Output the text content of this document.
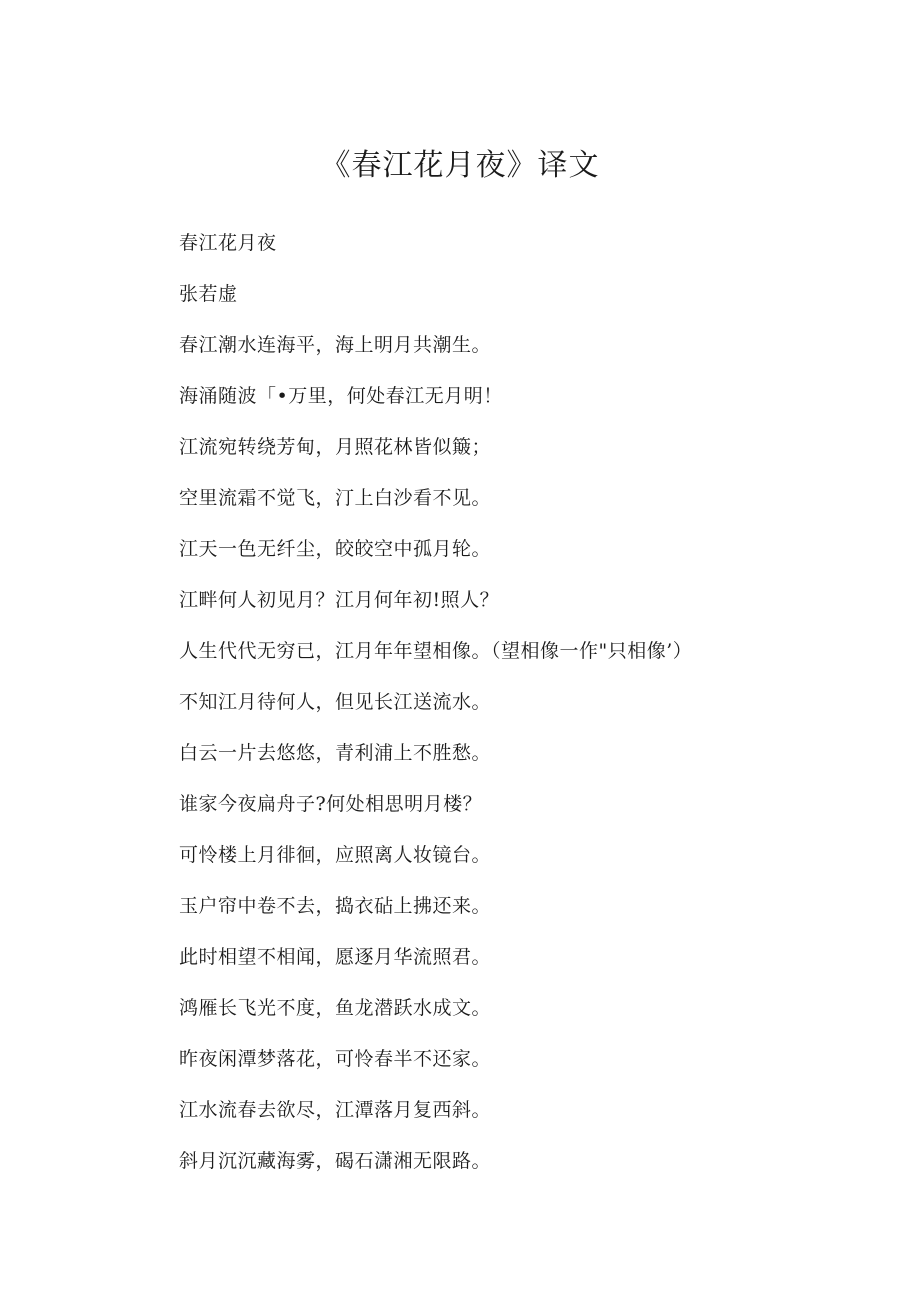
《春江花月夜》译文
春江花月夜
张若虚
春江潮水连海平，海上明月共潮生。
海涌随波「•万里，何处春江无月明！
江流宛转绕芳甸，月照花林皆似簸；
空里流霜不觉飞，汀上白沙看不见。
江天一色无纤尘，皎皎空中孤月轮。
江畔何人初见月？江月何年初!照人？
人生代代无穷已，江月年年望相像。（望相像一作"只相像’）
不知江月待何人，但见长江送流水。
白云一片去悠悠，青利浦上不胜愁。
谁家今夜扁舟子?何处相思明月楼？
可怜楼上月徘徊，应照离人妆镜台。
玉户帘中卷不去，捣衣砧上拂还来。
此时相望不相闻，愿逐月华流照君。
鸿雁长飞光不度，鱼龙潜跃水成文。
昨夜闲潭梦落花，可怜春半不还家。
江水流春去欲尽，江潭落月复西斜。
斜月沉沉藏海雾，碣石潇湘无限路。
